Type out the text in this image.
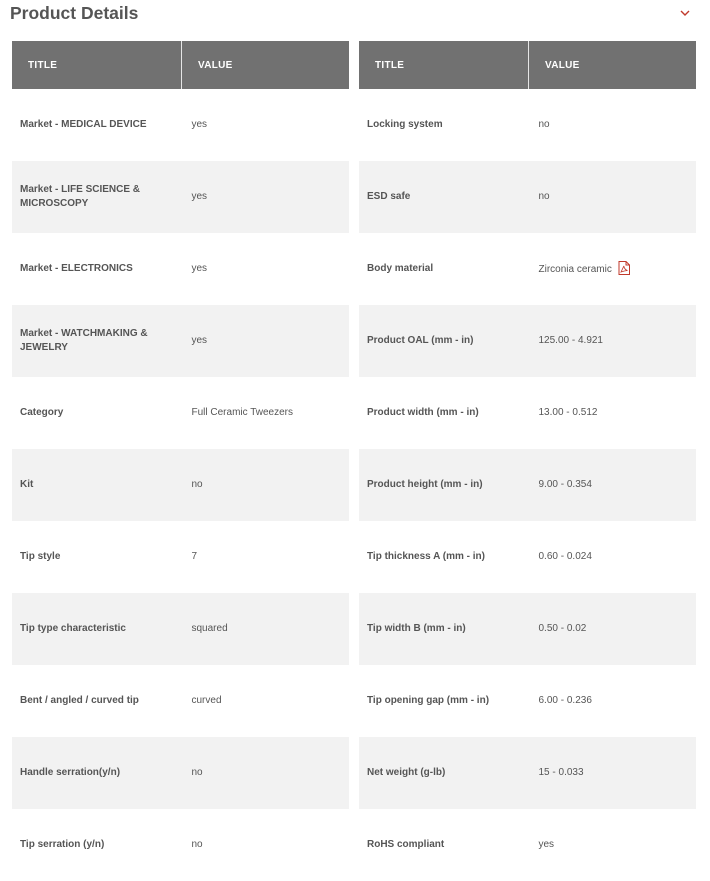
Product Details
TITLE	VALUE
Market - MEDICAL DEVICE	yes
Market - LIFE SCIENCE & MICROSCOPY	yes
Market - ELECTRONICS	yes
Market - WATCHMAKING & JEWELRY	yes
Category	Full Ceramic Tweezers
Kit	no
Tip style	7
Tip type characteristic	squared
Bent / angled / curved tip	curved
Handle serration(y/n)	no
Tip serration (y/n)	no
TITLE	VALUE
Locking system	no
ESD safe	no
Body material	Zirconia ceramic
Product OAL (mm - in)	125.00 - 4.921
Product width (mm - in)	13.00 - 0.512
Product height (mm - in)	9.00 - 0.354
Tip thickness A (mm - in)	0.60 - 0.024
Tip width B (mm - in)	0.50 - 0.02
Tip opening gap (mm - in)	6.00 - 0.236
Net weight (g-lb)	15 - 0.033
RoHS compliant	yes
